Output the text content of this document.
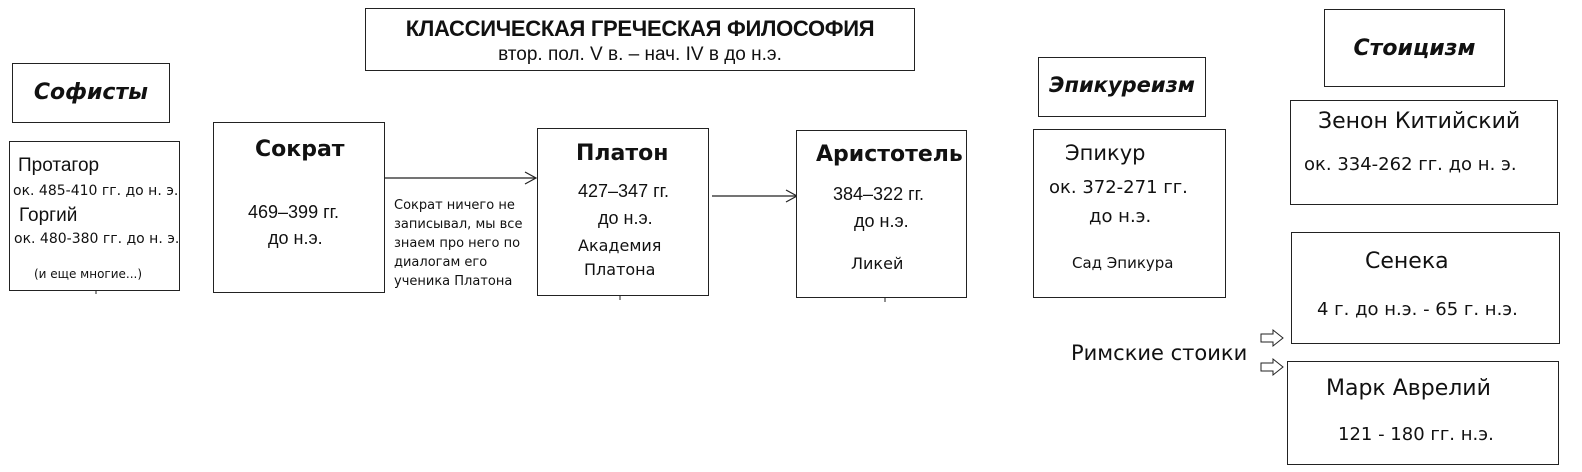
КЛАССИЧЕСКАЯ ГРЕЧЕСКАЯ ФИЛОСОФИЯ
втор. пол. V в. – нач. IV в до н.э.
Софисты
Протагор
ок. 485-410 гг. до н. э.
Горгий
ок. 480-380 гг. до н. э.
(и еще многие...)
Сократ
469–399 гг.
до н.э.
Сократ ничего не
записывал, мы все
знаем про него по
диалогам его
ученика Платона
Платон
427–347 гг.
до н.э.
Академия
Платона
Аристотель
384–322 гг.
до н.э.
Ликей
Эпикуреизм
Эпикур
ок. 372-271 гг.
до н.э.
Сад Эпикура
Стоицизм
Зенон Китийский
ок. 334-262 гг. до н. э.
Сенека
4 г. до н.э. - 65 г. н.э.
Римские стоики
Марк Аврелий
121 - 180 гг. н.э.
